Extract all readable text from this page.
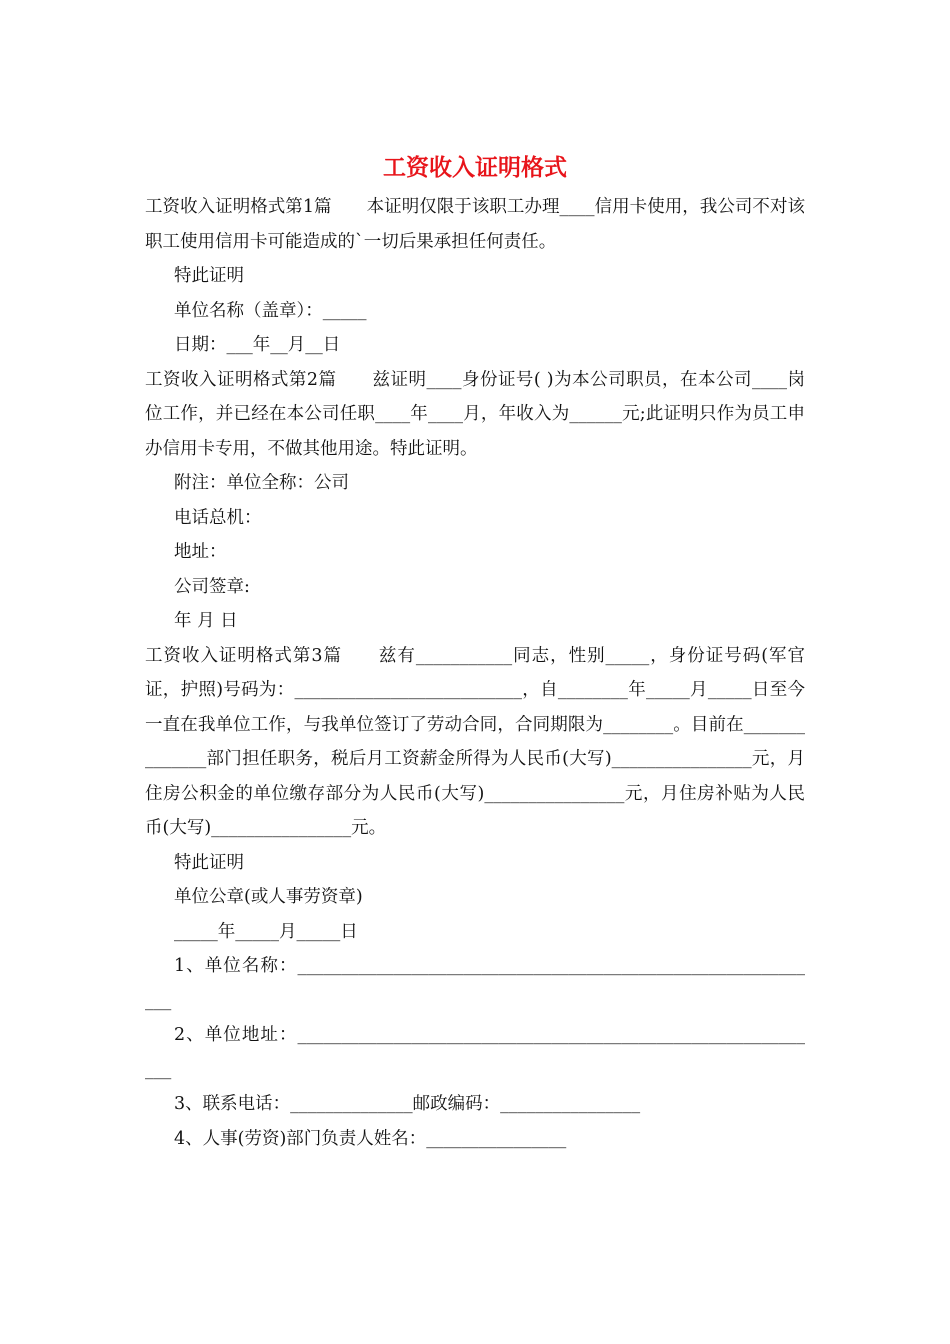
工资收入证明格式

工资收入证明格式第1篇　　本证明仅限于该职工办理____信用卡使用，我公司不对该职工使用信用卡可能造成的`一切后果承担任何责任。

特此证明

单位名称（盖章）：_____

日期：___年__月__日

工资收入证明格式第2篇　　兹证明____身份证号( )为本公司职员，在本公司____岗位工作，并已经在本公司任职____年____月，年收入为______元;此证明只作为员工申办信用卡专用，不做其他用途。特此证明。

附注：单位全称：公司

电话总机：

地址：

公司签章:

年 月 日

工资收入证明格式第3篇　　兹有___________同志，性别_____，身份证号码(军官证，护照)号码为：__________________________，自________年_____月_____日至今一直在我单位工作，与我单位签订了劳动合同，合同期限为________。目前在______________部门担任职务，税后月工资薪金所得为人民币(大写)________________元，月住房公积金的单位缴存部分为人民币(大写)________________元，月住房补贴为人民币(大写)________________元。

特此证明

单位公章(或人事劳资章)

_____年_____月_____日

1、单位名称：_____________________________________________________________

2、单位地址：_____________________________________________________________

3、联系电话：______________邮政编码：________________

4、人事(劳资)部门负责人姓名：________________
